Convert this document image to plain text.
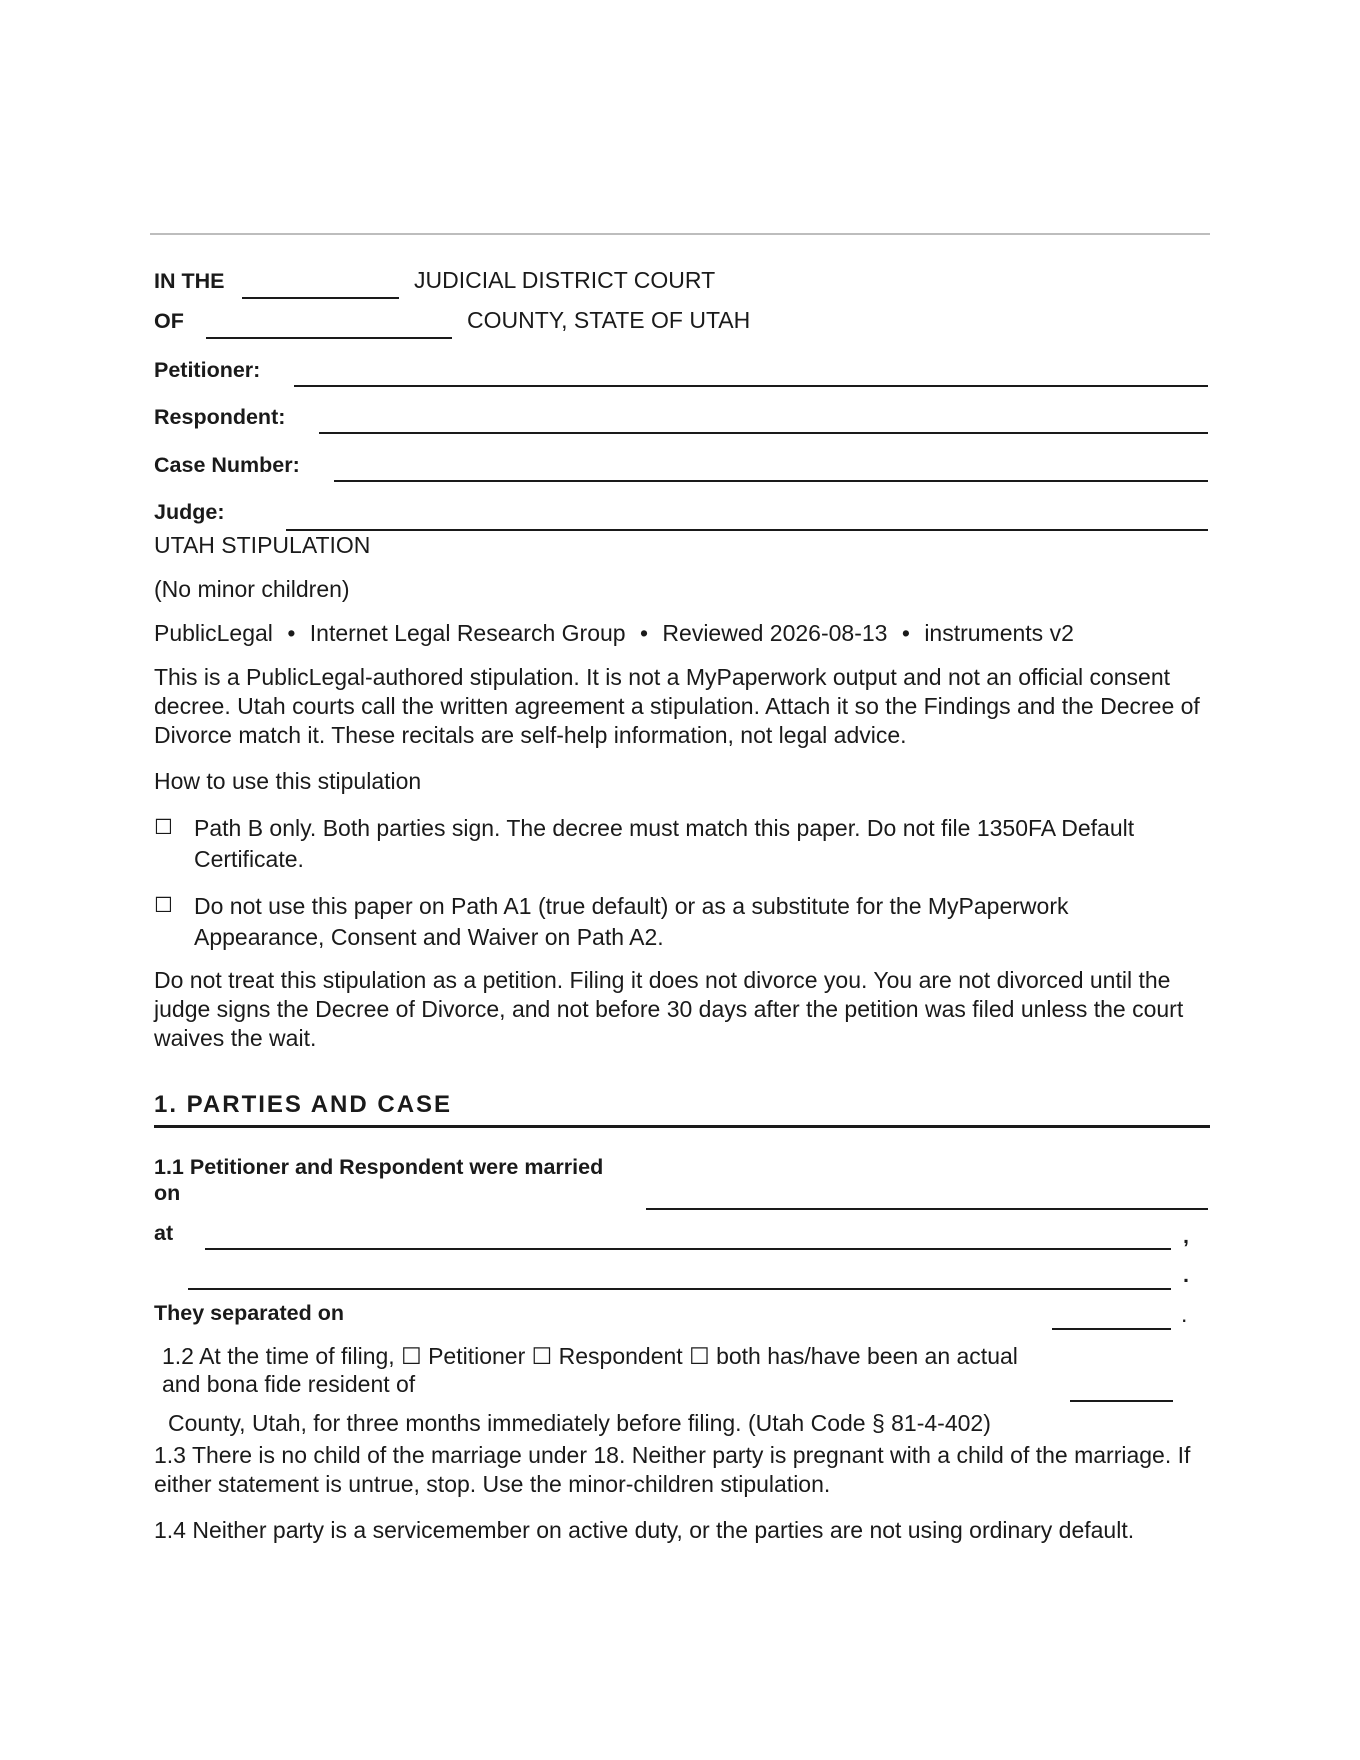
IN THE	JUDICIAL DISTRICT COURT
OF	COUNTY, STATE OF UTAH
Petitioner:
Respondent:
Case Number:
Judge:
UTAH STIPULATION
(No minor children)
PublicLegal • Internet Legal Research Group • Reviewed 2026-08-13 • instruments v2
This is a PublicLegal-authored stipulation. It is not a MyPaperwork output and not an official consent decree. Utah courts call the written agreement a stipulation. Attach it so the Findings and the Decree of Divorce match it. These recitals are self-help information, not legal advice.
How to use this stipulation
☐ Path B only. Both parties sign. The decree must match this paper. Do not file 1350FA Default Certificate.
☐ Do not use this paper on Path A1 (true default) or as a substitute for the MyPaperwork Appearance, Consent and Waiver on Path A2.
Do not treat this stipulation as a petition. Filing it does not divorce you. You are not divorced until the judge signs the Decree of Divorce, and not before 30 days after the petition was filed unless the court waives the wait.
1. PARTIES AND CASE
1.1 Petitioner and Respondent were married
on
at	,
.
They separated on	.
1.2 At the time of filing, ☐ Petitioner ☐ Respondent ☐ both has/have been an actual
and bona fide resident of
County, Utah, for three months immediately before filing. (Utah Code § 81-4-402)
1.3 There is no child of the marriage under 18. Neither party is pregnant with a child of the marriage. If either statement is untrue, stop. Use the minor-children stipulation.
1.4 Neither party is a servicemember on active duty, or the parties are not using ordinary default.
